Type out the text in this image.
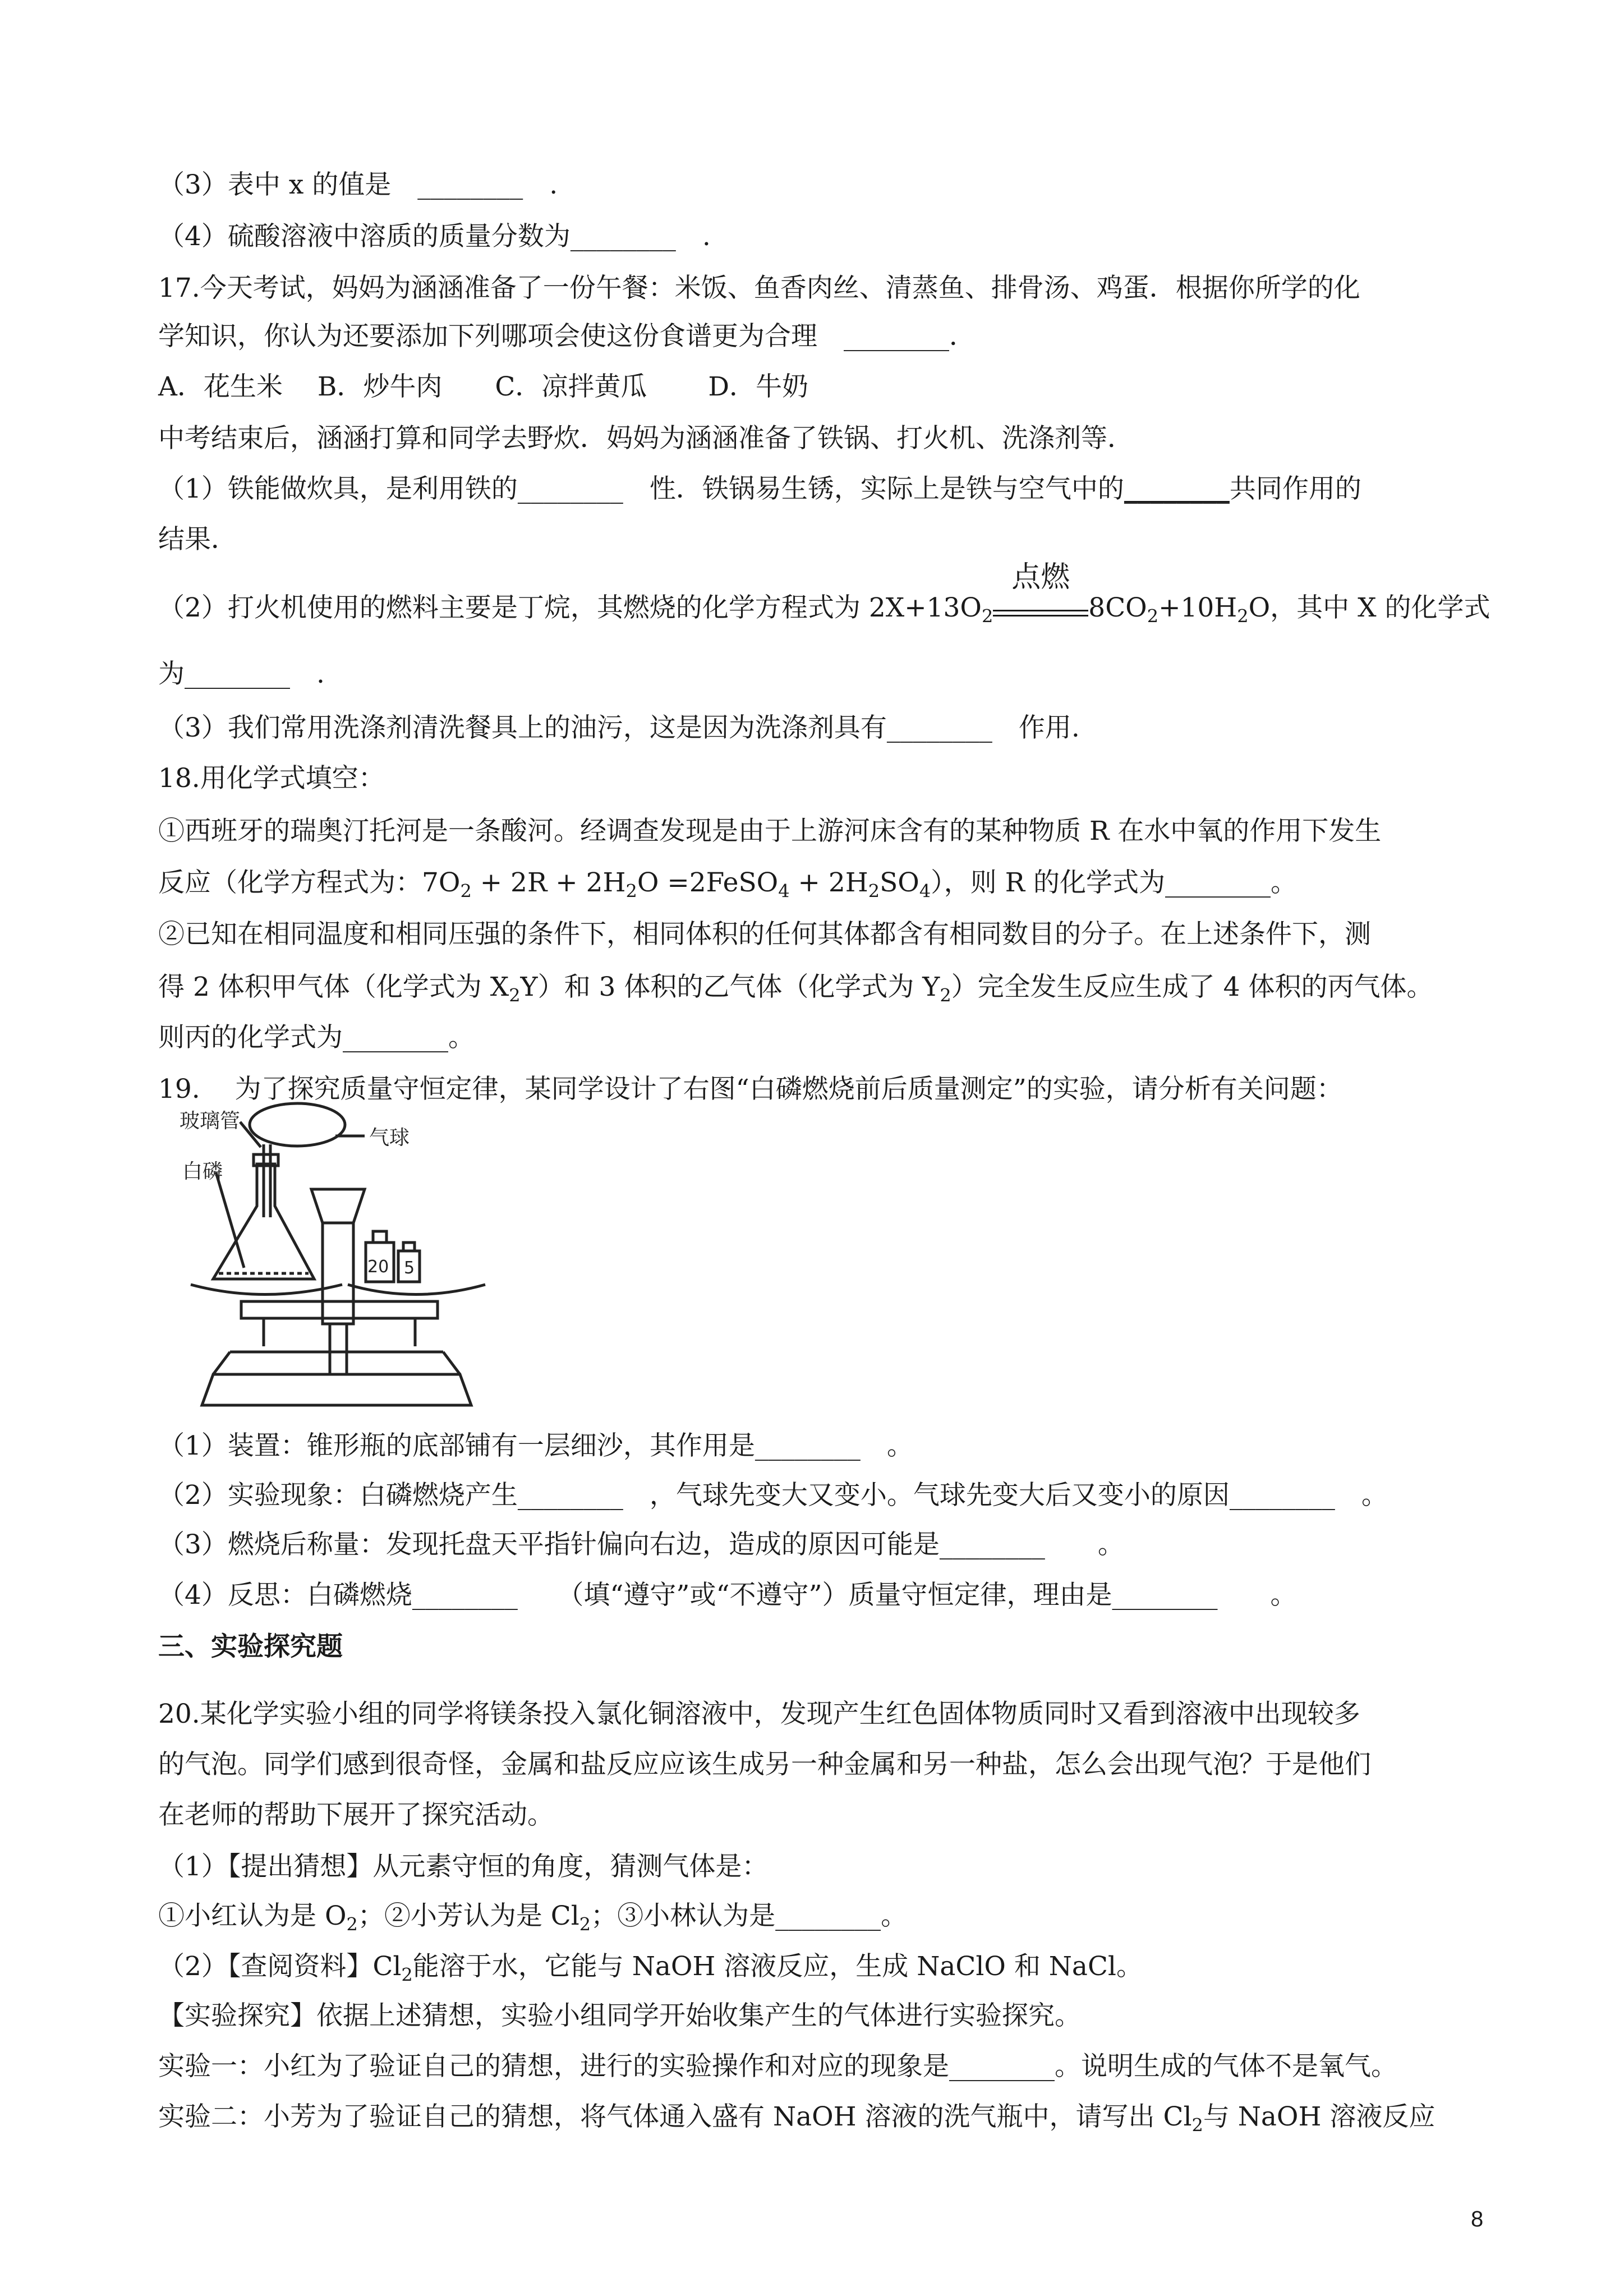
（3）表中 x 的值是　________　.
（4）硫酸溶液中溶质的质量分数为________　.
17.今天考试，妈妈为涵涵准备了一份午餐：米饭、鱼香肉丝、清蒸鱼、排骨汤、鸡蛋．根据你所学的化
学知识，你认为还要添加下列哪项会使这份食谱更为合理　________．
A．花生米　 B．炒牛肉　　C．凉拌黄瓜　　 D．牛奶
中考结束后，涵涵打算和同学去野炊．妈妈为涵涵准备了铁锅、打火机、洗涤剂等．
（1）铁能做炊具，是利用铁的________　性．铁锅易生锈，实际上是铁与空气中的________共同作用的
结果．
（2）打火机使用的燃料主要是丁烷，其燃烧的化学方程式为 $2X+13O_2$
点燃
$8CO_2+10H_2O$，其中 X 的化学式
为________　.
（3）我们常用洗涤剂清洗餐具上的油污，这是因为洗涤剂具有________　作用.
18.用化学式填空：
①西班牙的瑞奥汀托河是一条酸河。经调查发现是由于上游河床含有的某种物质 R 在水中氧的作用下发生
反应（化学方程式为：$7O_2 + 2R + 2H_2O$ =2FeSO$_4$ + $2H_2SO_4$），则 R 的化学式为________。
②已知在相同温度和相同压强的条件下，相同体积的任何其体都含有相同数目的分子。在上述条件下，测
得 2 体积甲气体（化学式为 $X_2Y$）和 3 体积的乙气体（化学式为 $Y_2$）完全发生反应生成了 4 体积的丙气体。
则丙的化学式为________。
19.　 为了探究质量守恒定律，某同学设计了右图“白磷燃烧前后质量测定”的实验，请分析有关问题：
玻璃管
气球
白磷
20 5
（1）装置：锥形瓶的底部铺有一层细沙，其作用是________　。
（2）实验现象：白磷燃烧产生________　，气球先变大又变小。气球先变大后又变小的原因________　。
（3）燃烧后称量：发现托盘天平指针偏向右边，造成的原因可能是________　　。
（4）反思：白磷燃烧________　　（填“遵守”或“不遵守”）质量守恒定律，理由是________　　。
三、实验探究题
20.某化学实验小组的同学将镁条投入氯化铜溶液中，发现产生红色固体物质同时又看到溶液中出现较多
的气泡。同学们感到很奇怪，金属和盐反应应该生成另一种金属和另一种盐，怎么会出现气泡？于是他们
在老师的帮助下展开了探究活动。
（1）【提出猜想】从元素守恒的角度，猜测气体是：
①小红认为是 $O_2$；②小芳认为是 $Cl_2$；③小林认为是________。
（2）【查阅资料】$Cl_2$能溶于水，它能与 NaOH 溶液反应，生成 NaClO 和 NaCl。
【实验探究】依据上述猜想，实验小组同学开始收集产生的气体进行实验探究。
实验一：小红为了验证自己的猜想，进行的实验操作和对应的现象是________。说明生成的气体不是氧气。
实验二：小芳为了验证自己的猜想，将气体通入盛有 NaOH 溶液的洗气瓶中，请写出 $Cl_2$与 NaOH 溶液反应
8
